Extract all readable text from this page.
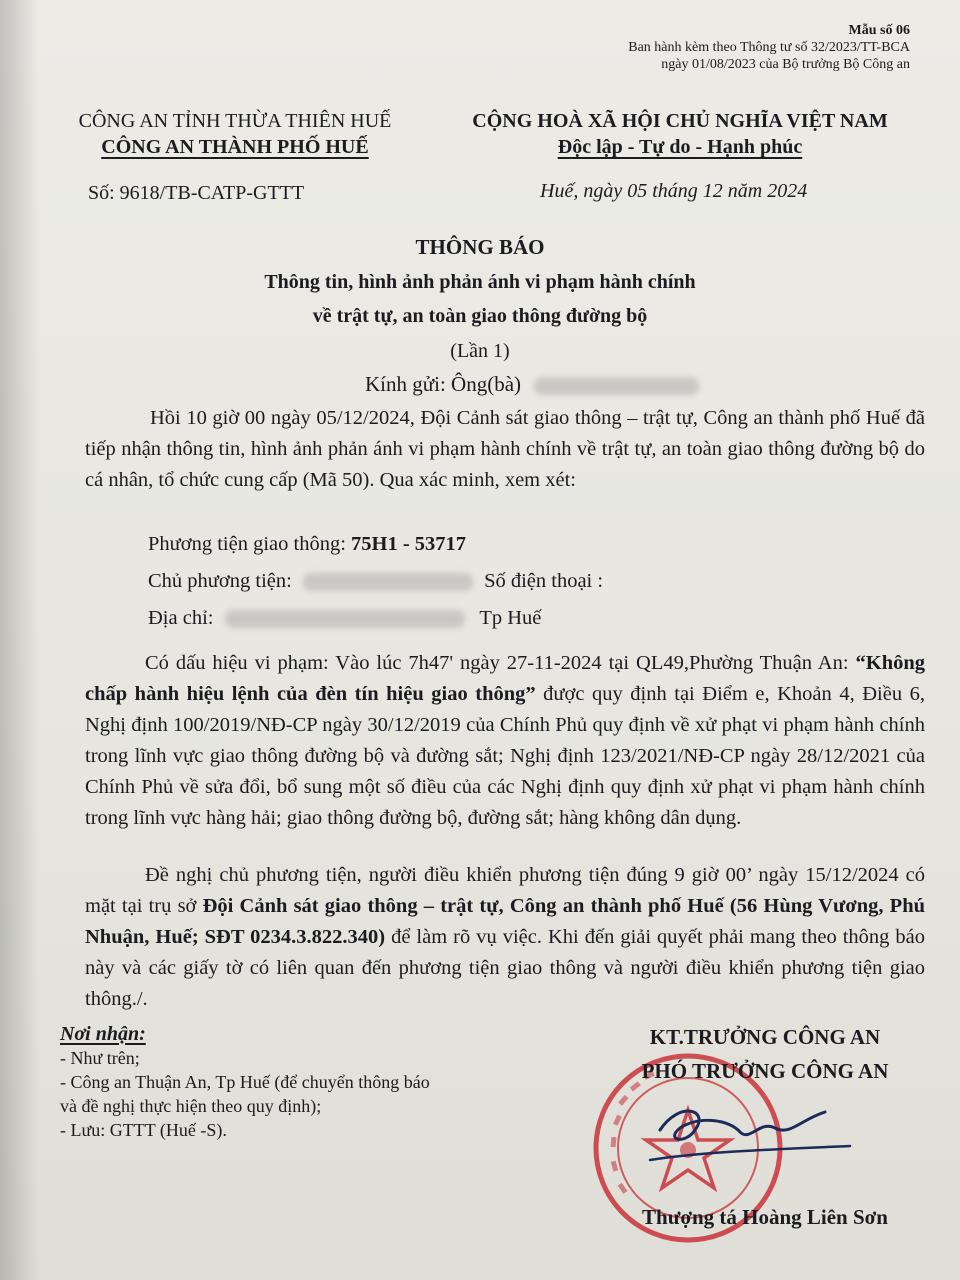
Mẫu số 06
Ban hành kèm theo Thông tư số 32/2023/TT-BCA
ngày 01/08/2023 của Bộ trưởng Bộ Công an
CÔNG AN TỈNH THỪA THIÊN HUẾ
CÔNG AN THÀNH PHỐ HUẾ
CỘNG HOÀ XÃ HỘI CHỦ NGHĨA VIỆT NAM
Độc lập - Tự do - Hạnh phúc
Số: 9618/TB-CATP-GTTT	Huế, ngày 05 tháng 12 năm 2024
THÔNG BÁO
Thông tin, hình ảnh phản ánh vi phạm hành chính
về trật tự, an toàn giao thông đường bộ
(Lần 1)
Kính gửi: Ông(bà)
Hồi 10 giờ 00 ngày 05/12/2024, Đội Cảnh sát giao thông – trật tự, Công an thành phố Huế đã tiếp nhận thông tin, hình ảnh phản ánh vi phạm hành chính về trật tự, an toàn giao thông đường bộ do cá nhân, tổ chức cung cấp (Mã 50). Qua xác minh, xem xét:
Phương tiện giao thông: 75H1 - 53717
Chủ phương tiện:	Số điện thoại :
Địa chỉ:	Tp Huế
Có dấu hiệu vi phạm: Vào lúc 7h47' ngày 27-11-2024 tại QL49,Phường Thuận An: “Không chấp hành hiệu lệnh của đèn tín hiệu giao thông” được quy định tại Điểm e, Khoản 4, Điều 6, Nghị định 100/2019/NĐ-CP ngày 30/12/2019 của Chính Phủ quy định về xử phạt vi phạm hành chính trong lĩnh vực giao thông đường bộ và đường sắt; Nghị định 123/2021/NĐ-CP ngày 28/12/2021 của Chính Phủ về sửa đổi, bổ sung một số điều của các Nghị định quy định xử phạt vi phạm hành chính trong lĩnh vực hàng hải; giao thông đường bộ, đường sắt; hàng không dân dụng.
Đề nghị chủ phương tiện, người điều khiển phương tiện đúng 9 giờ 00’ ngày 15/12/2024 có mặt tại trụ sở Đội Cảnh sát giao thông – trật tự, Công an thành phố Huế (56 Hùng Vương, Phú Nhuận, Huế; SĐT 0234.3.822.340) để làm rõ vụ việc. Khi đến giải quyết phải mang theo thông báo này và các giấy tờ có liên quan đến phương tiện giao thông và người điều khiển phương tiện giao thông./.
Nơi nhận:
- Như trên;
- Công an Thuận An, Tp Huế (để chuyển thông báo
và đề nghị thực hiện theo quy định);
- Lưu: GTTT (Huế -S).
KT.TRƯỞNG CÔNG AN
PHÓ TRƯỞNG CÔNG AN
Thượng tá Hoàng Liên Sơn
